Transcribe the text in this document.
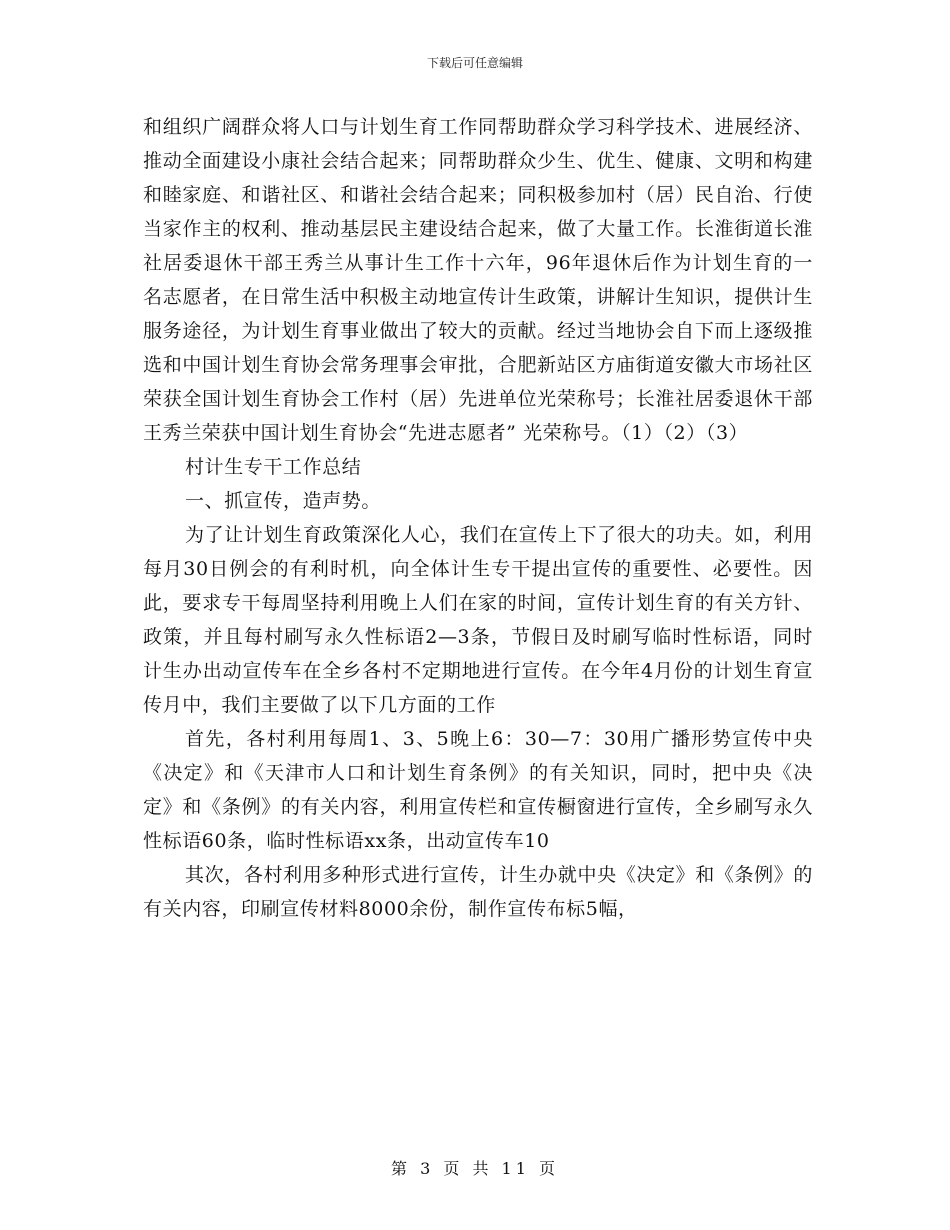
下载后可任意编辑

和组织广阔群众将人口与计划生育工作同帮助群众学习科学技术、进展经济、推动全面建设小康社会结合起来；同帮助群众少生、优生、健康、文明和构建和睦家庭、和谐社区、和谐社会结合起来；同积极参加村（居）民自治、行使当家作主的权利、推动基层民主建设结合起来，做了大量工作。长淮街道长淮社居委退休干部王秀兰从事计生工作十六年，96年退休后作为计划生育的一名志愿者，在日常生活中积极主动地宣传计生政策，讲解计生知识，提供计生服务途径，为计划生育事业做出了较大的贡献。经过当地协会自下而上逐级推选和中国计划生育协会常务理事会审批，合肥新站区方庙街道安徽大市场社区荣获全国计划生育协会工作村（居）先进单位光荣称号；长淮社居委退休干部王秀兰荣获中国计划生育协会“先进志愿者” 光荣称号。（1）（2）（3）

村计生专干工作总结

一、抓宣传，造声势。

为了让计划生育政策深化人心，我们在宣传上下了很大的功夫。如，利用每月30日例会的有利时机，向全体计生专干提出宣传的重要性、必要性。因此，要求专干每周坚持利用晚上人们在家的时间，宣传计划生育的有关方针、政策，并且每村刷写永久性标语2—3条，节假日及时刷写临时性标语，同时计生办出动宣传车在全乡各村不定期地进行宣传。在今年4月份的计划生育宣传月中，我们主要做了以下几方面的工作

首先，各村利用每周1、3、5晚上6：30—7：30用广播形势宣传中央《决定》和《天津市人口和计划生育条例》的有关知识，同时，把中央《决定》和《条例》的有关内容，利用宣传栏和宣传橱窗进行宣传，全乡刷写永久性标语60条，临时性标语xx条，出动宣传车10

其次，各村利用多种形式进行宣传，计生办就中央《决定》和《条例》的有关内容，印刷宣传材料8000余份，制作宣传布标5幅，

第 3 页 共 11 页
